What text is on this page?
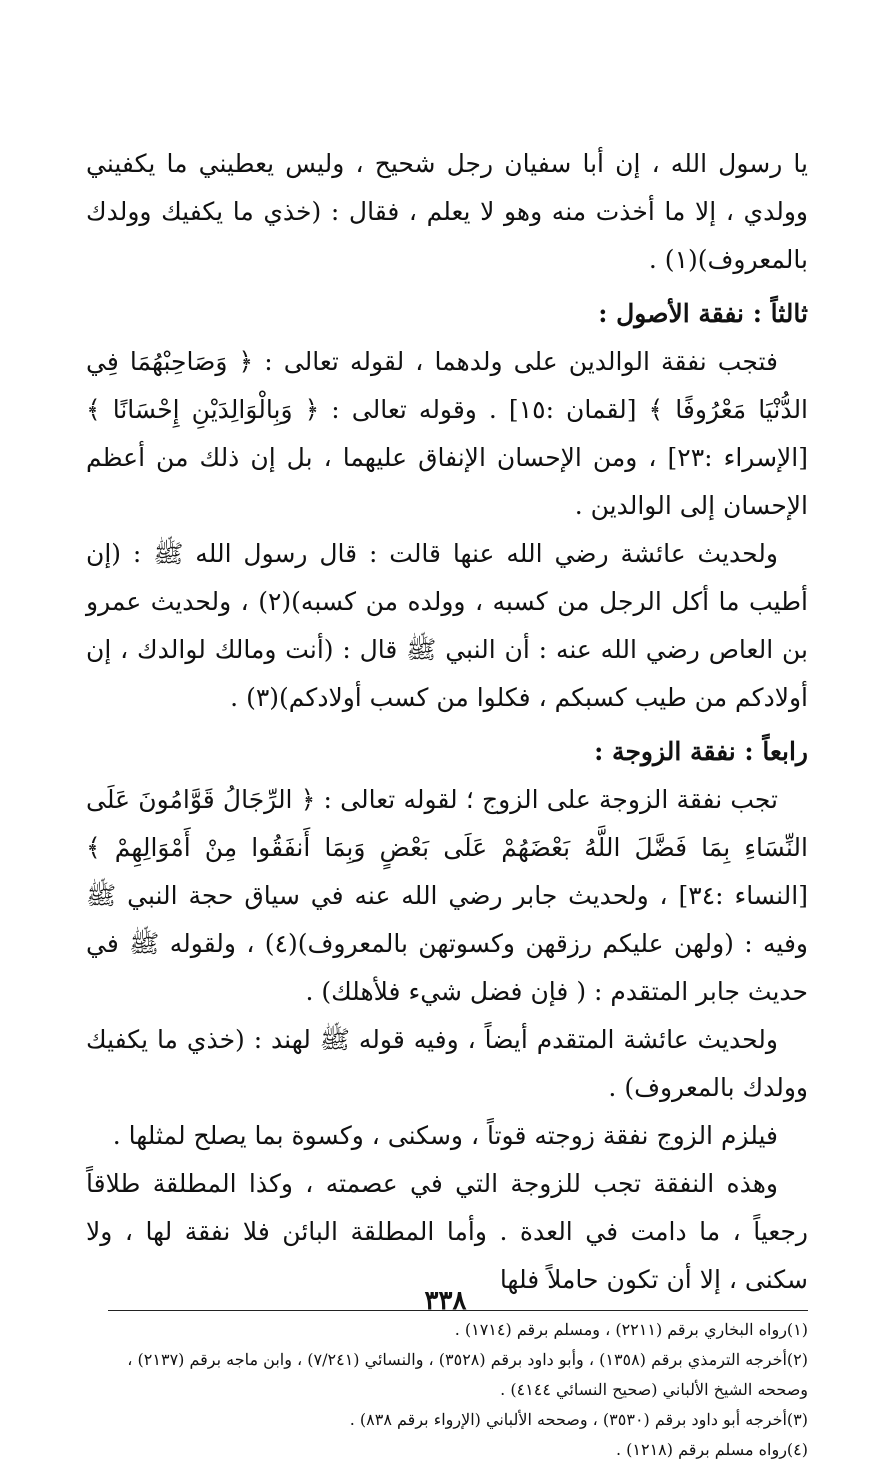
يا رسول الله ، إن أبا سفيان رجل شحيح ، وليس يعطيني ما يكفيني وولدي ، إلا ما أخذت منه وهو لا يعلم ، فقال : (خذي ما يكفيك وولدك بالمعروف)(١) .

ثالثاً : نفقة الأصول :

فتجب نفقة الوالدين على ولدهما ، لقوله تعالى : ﴿ وَصَاحِبْهُمَا فِي الدُّنْيَا مَعْرُوفًا ﴾ [لقمان :١٥] . وقوله تعالى : ﴿ وَبِالْوَالِدَيْنِ إِحْسَانًا ﴾ [الإسراء :٢٣] ، ومن الإحسان الإنفاق عليهما ، بل إن ذلك من أعظم الإحسان إلى الوالدين .

ولحديث عائشة رضي الله عنها قالت : قال رسول الله ﷺ : (إن أطيب ما أكل الرجل من كسبه ، وولده من كسبه)(٢) ، ولحديث عمرو بن العاص رضي الله عنه : أن النبي ﷺ قال : (أنت ومالك لوالدك ، إن أولادكم من طيب كسبكم ، فكلوا من كسب أولادكم)(٣) .

رابعاً : نفقة الزوجة :

تجب نفقة الزوجة على الزوج ؛ لقوله تعالى : ﴿ الرِّجَالُ قَوَّامُونَ عَلَى النِّسَاءِ بِمَا فَضَّلَ اللَّهُ بَعْضَهُمْ عَلَى بَعْضٍ وَبِمَا أَنفَقُوا مِنْ أَمْوَالِهِمْ ﴾ [النساء :٣٤] ، ولحديث جابر رضي الله عنه في سياق حجة النبي ﷺ وفيه : (ولهن عليكم رزقهن وكسوتهن بالمعروف)(٤) ، ولقوله ﷺ في حديث جابر المتقدم : ( فإن فضل شيء فلأهلك) .

ولحديث عائشة المتقدم أيضاً ، وفيه قوله ﷺ لهند : (خذي ما يكفيك وولدك بالمعروف) .

فيلزم الزوج نفقة زوجته قوتاً ، وسكنى ، وكسوة بما يصلح لمثلها .

وهذه النفقة تجب للزوجة التي في عصمته ، وكذا المطلقة طلاقاً رجعياً ، ما دامت في العدة . وأما المطلقة البائن فلا نفقة لها ، ولا سكنى ، إلا أن تكون حاملاً فلها

(١)رواه البخاري برقم (٢٢١١) ، ومسلم برقم (١٧١٤) .

(٢)أخرجه الترمذي برقم (١٣٥٨) ، وأبو داود برقم (٣٥٢٨) ، والنسائي (٧/٢٤١) ، وابن ماجه برقم (٢١٣٧) ، وصححه الشيخ الألباني (صحيح النسائي ٤١٤٤) .

(٣)أخرجه أبو داود برقم (٣٥٣٠) ، وصححه الألباني (الإرواء برقم ٨٣٨) .

(٤)رواه مسلم برقم (١٢١٨) .

٣٣٨
